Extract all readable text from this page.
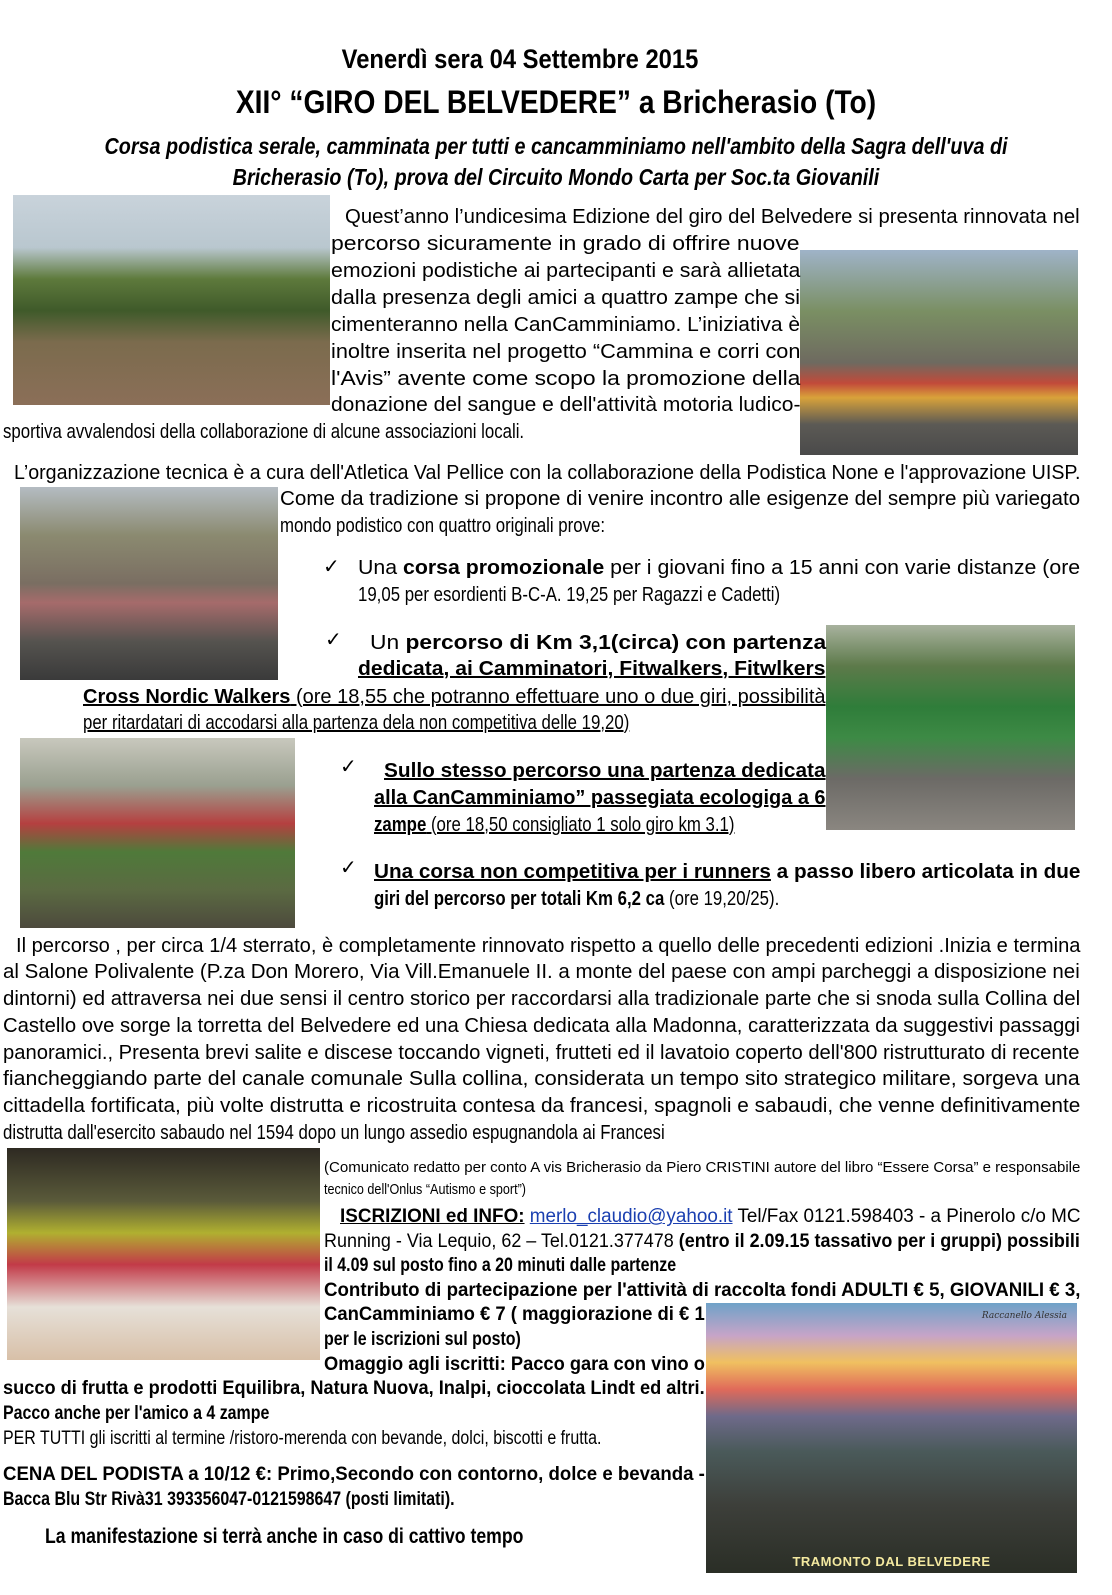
Venerdì sera 04 Settembre 2015
XII° “GIRO DEL BELVEDERE” a Bricherasio (To)
Corsa podistica serale, camminata per tutti e cancamminiamo nell'ambito della Sagra dell'uva di
Bricherasio (To), prova del Circuito Mondo Carta per Soc.ta Giovanili
Raccanello Alessia
TRAMONTO DAL BELVEDERE
✓
✓
✓
✓
Quest’anno l’undicesima Edizione del giro del Belvedere si presenta rinnovata nel
percorso sicuramente in grado di offrire nuove
emozioni podistiche ai partecipanti e sarà allietata
dalla presenza degli amici a quattro zampe che si
cimenteranno nella CanCamminiamo. L’iniziativa è
inoltre inserita nel progetto “Cammina e corri con
l'Avis” avente come scopo la promozione della
donazione del sangue e dell'attività motoria ludico-
sportiva avvalendosi della collaborazione di alcune associazioni locali.
L’organizzazione tecnica è a cura dell'Atletica Val Pellice con la collaborazione della Podistica None e l'approvazione UISP.
Come da tradizione si propone di venire incontro alle esigenze del sempre più variegato
mondo podistico con quattro originali prove:
Una corsa promozionale per i giovani fino a 15 anni con varie distanze (ore
19,05 per esordienti B-C-A. 19,25 per Ragazzi e Cadetti)
Un percorso di Km 3,1(circa) con partenza
dedicata, ai Camminatori, Fitwalkers, Fitwlkers
Cross Nordic Walkers (ore 18,55 che potranno effettuare uno o due giri, possibilità
per ritardatari di accodarsi alla partenza dela non competitiva delle 19,20)
Sullo stesso percorso una partenza dedicata
alla CanCamminiamo” passegiata ecologiga a 6
zampe (ore 18,50 consigliato 1 solo giro km 3.1)
Una corsa non competitiva per i runners a passo libero articolata in due
giri del percorso per totali Km 6,2 ca (ore 19,20/25).
Il percorso , per circa 1/4 sterrato, è completamente rinnovato rispetto a quello delle precedenti edizioni .Inizia e termina
al Salone Polivalente (P.za Don Morero, Via Vill.Emanuele II. a monte del paese con ampi parcheggi a disposizione nei
dintorni) ed attraversa nei due sensi il centro storico per raccordarsi alla tradizionale parte che si snoda sulla Collina del
Castello ove sorge la torretta del Belvedere ed una Chiesa dedicata alla Madonna, caratterizzata da suggestivi passaggi
panoramici., Presenta brevi salite e discese toccando vigneti, frutteti ed il lavatoio coperto dell'800 ristrutturato di recente
fiancheggiando parte del canale comunale Sulla collina, considerata un tempo sito strategico militare, sorgeva una
cittadella fortificata, più volte distrutta e ricostruita contesa da francesi, spagnoli e sabaudi, che venne definitivamente
distrutta dall'esercito sabaudo nel 1594 dopo un lungo assedio espugnandola ai Francesi
(Comunicato redatto per conto A vis Bricherasio da Piero CRISTINI autore del libro “Essere Corsa” e responsabile
tecnico dell'Onlus “Autismo e sport”)
ISCRIZIONI ed INFO: merlo_claudio@yahoo.it Tel/Fax 0121.598403 - a Pinerolo c/o MC
Running - Via Lequio, 62 – Tel.0121.377478 (entro il 2.09.15 tassativo per i gruppi) possibili
il 4.09 sul posto fino a 20 minuti dalle partenze
Contributo di partecipazione per l'attività di raccolta fondi ADULTI € 5, GIOVANILI € 3,
CanCamminiamo € 7 ( maggiorazione di € 1
per le iscrizioni sul posto)
Omaggio agli iscritti: Pacco gara con vino o
succo di frutta e prodotti Equilibra, Natura Nuova, Inalpi, cioccolata Lindt ed altri.
Pacco anche per l'amico a 4 zampe
PER TUTTI gli iscritti al termine /ristoro-merenda con bevande, dolci, biscotti e frutta.
CENA DEL PODISTA a 10/12 €: Primo,Secondo con contorno, dolce e bevanda -
Bacca Blu Str Rivà31 393356047-0121598647 (posti limitati).
La manifestazione si terrà anche in caso di cattivo tempo
